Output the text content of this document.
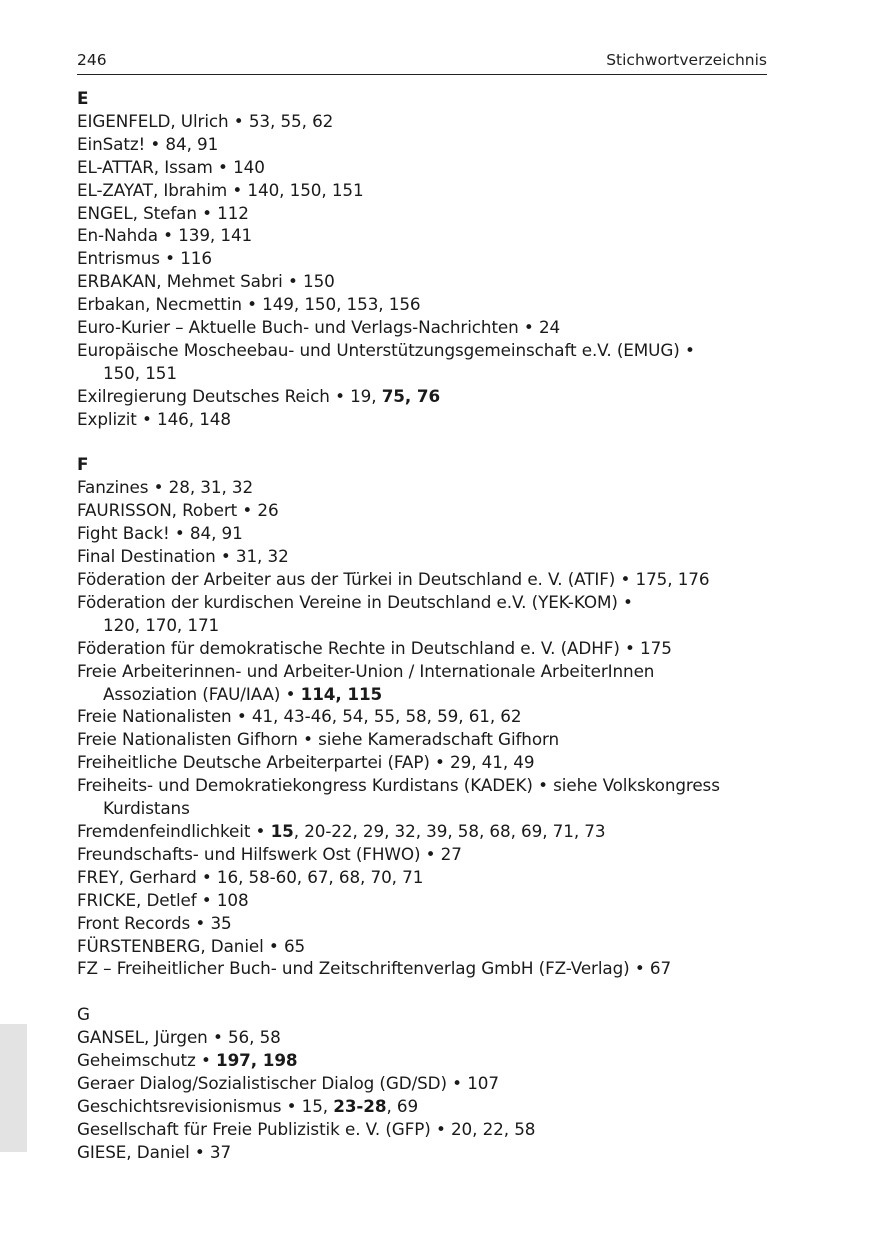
246	Stichwortverzeichnis
E
EIGENFELD, Ulrich • 53, 55, 62
EinSatz! • 84, 91
EL-ATTAR, Issam • 140
EL-ZAYAT, Ibrahim • 140, 150, 151
ENGEL, Stefan • 112
En-Nahda • 139, 141
Entrismus • 116
ERBAKAN, Mehmet Sabri • 150
Erbakan, Necmettin • 149, 150, 153, 156
Euro-Kurier – Aktuelle Buch- und Verlags-Nachrichten • 24
Europäische Moscheebau- und Unterstützungsgemeinschaft e.V. (EMUG) •
150, 151
Exilregierung Deutsches Reich • 19, 75, 76
Explizit • 146, 148
F
Fanzines • 28, 31, 32
FAURISSON, Robert • 26
Fight Back! • 84, 91
Final Destination • 31, 32
Föderation der Arbeiter aus der Türkei in Deutschland e. V. (ATIF) • 175, 176
Föderation der kurdischen Vereine in Deutschland e.V. (YEK-KOM) •
120, 170, 171
Föderation für demokratische Rechte in Deutschland e. V. (ADHF) • 175
Freie Arbeiterinnen- und Arbeiter-Union / Internationale ArbeiterInnen
Assoziation (FAU/IAA) • 114, 115
Freie Nationalisten • 41, 43-46, 54, 55, 58, 59, 61, 62
Freie Nationalisten Gifhorn • siehe Kameradschaft Gifhorn
Freiheitliche Deutsche Arbeiterpartei (FAP) • 29, 41, 49
Freiheits- und Demokratiekongress Kurdistans (KADEK) • siehe Volkskongress
Kurdistans
Fremdenfeindlichkeit • 15, 20-22, 29, 32, 39, 58, 68, 69, 71, 73
Freundschafts- und Hilfswerk Ost (FHWO) • 27
FREY, Gerhard • 16, 58-60, 67, 68, 70, 71
FRICKE, Detlef • 108
Front Records • 35
FÜRSTENBERG, Daniel • 65
FZ – Freiheitlicher Buch- und Zeitschriftenverlag GmbH (FZ-Verlag) • 67
G
GANSEL, Jürgen • 56, 58
Geheimschutz • 197, 198
Geraer Dialog/Sozialistischer Dialog (GD/SD) • 107
Geschichtsrevisionismus • 15, 23-28, 69
Gesellschaft für Freie Publizistik e. V. (GFP) • 20, 22, 58
GIESE, Daniel • 37
